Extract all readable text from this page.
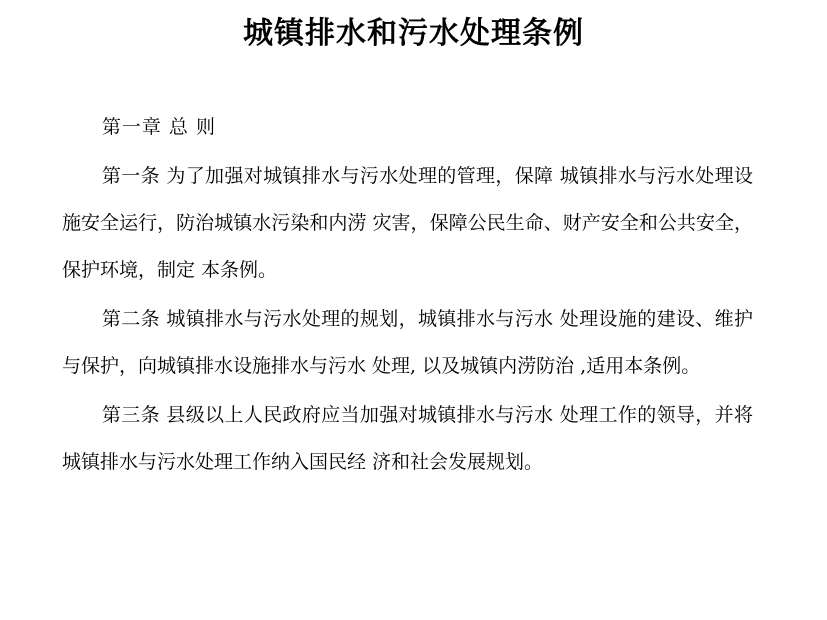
城镇排水和污水处理条例

第一章 总 则

第一条 为了加强对城镇排水与污水处理的管理，保障 城镇排水与污水处理设施安全运行，防治城镇水污染和内涝 灾害，保障公民生命、财产安全和公共安全，保护环境，制定 本条例。

第二条 城镇排水与污水处理的规划，城镇排水与污水 处理设施的建设、维护与保护，向城镇排水设施排水与污水 处理, 以及城镇内涝防治 ,适用本条例。

第三条 县级以上人民政府应当加强对城镇排水与污水 处理工作的领导，并将城镇排水与污水处理工作纳入国民经 济和社会发展规划。
